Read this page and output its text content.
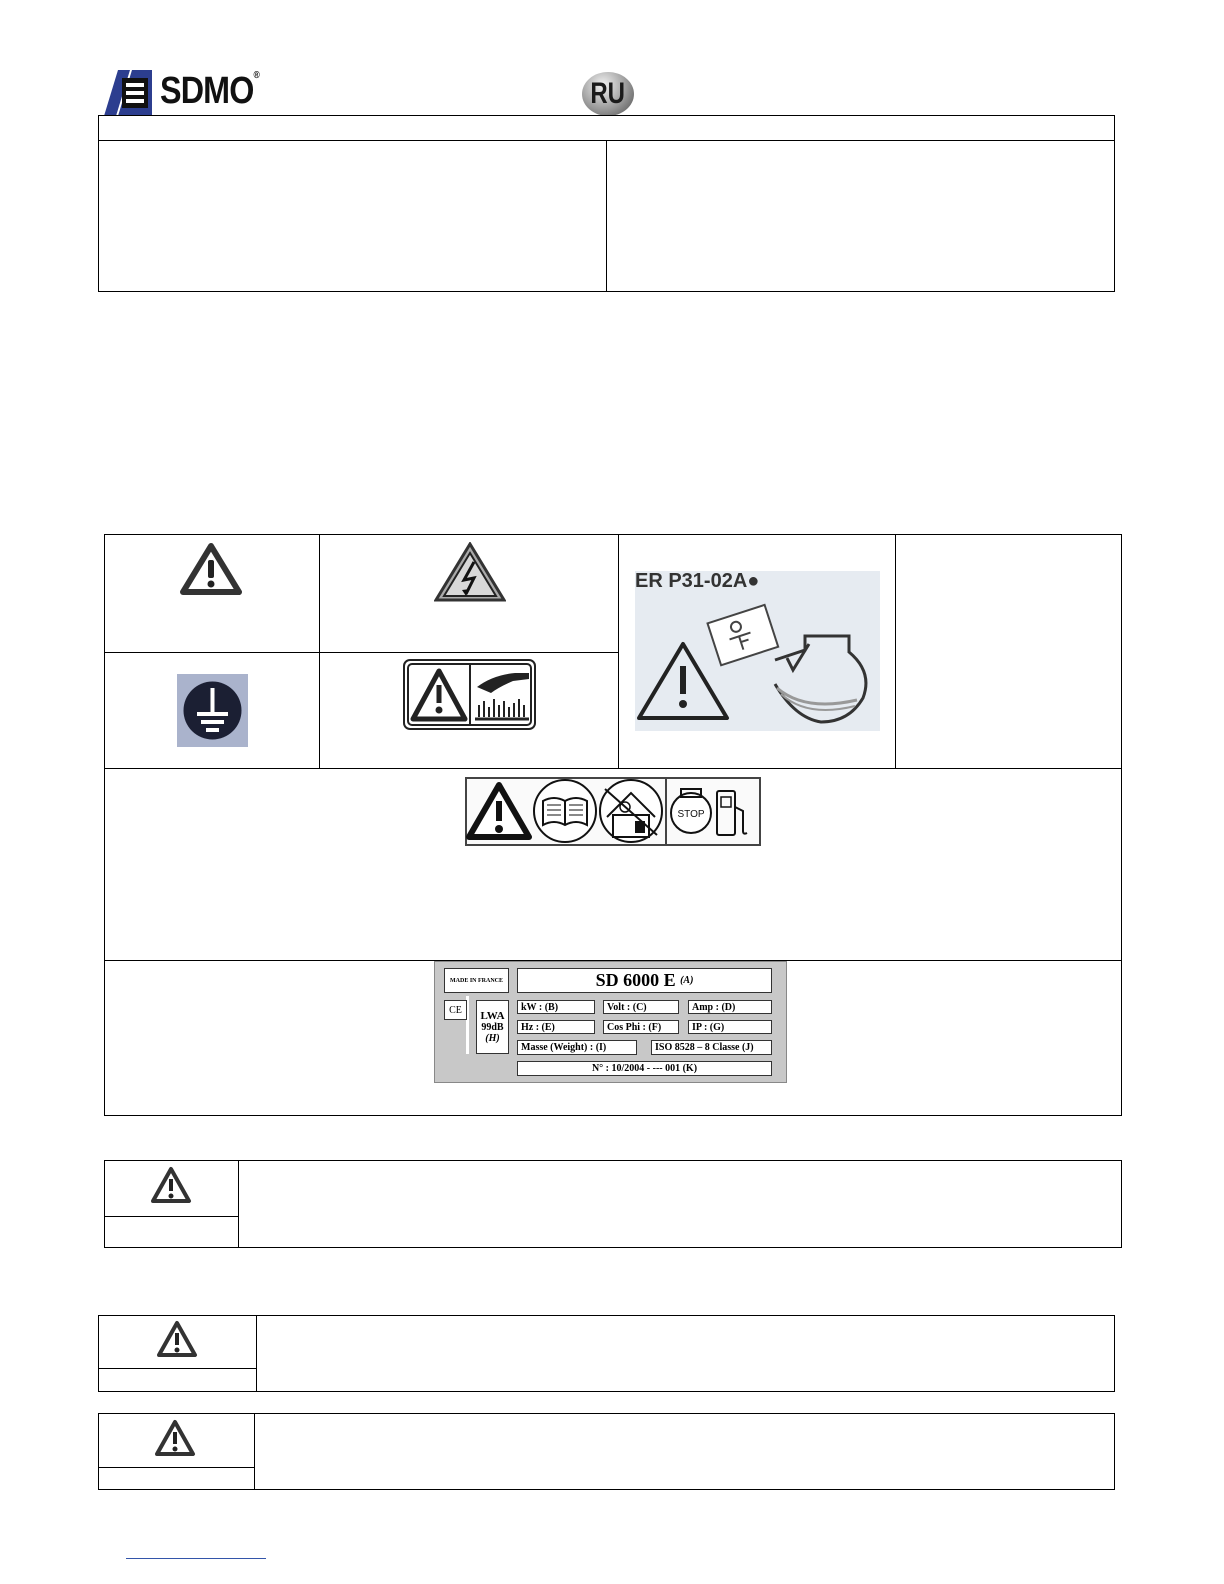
SDMO®
RU
ER P31-02A●
STOP
MADE IN FRANCE	SD 6000 E
(A)
CE	LWA
99dB
(H)
kW : (B)	Volt : (C)	Amp : (D)
Hz : (E)	Cos Phi : (F)	IP : (G)
Masse (Weight) : (I)	ISO 8528 – 8 Classe (J)
N° : 10/2004 - --- 001 (K)
